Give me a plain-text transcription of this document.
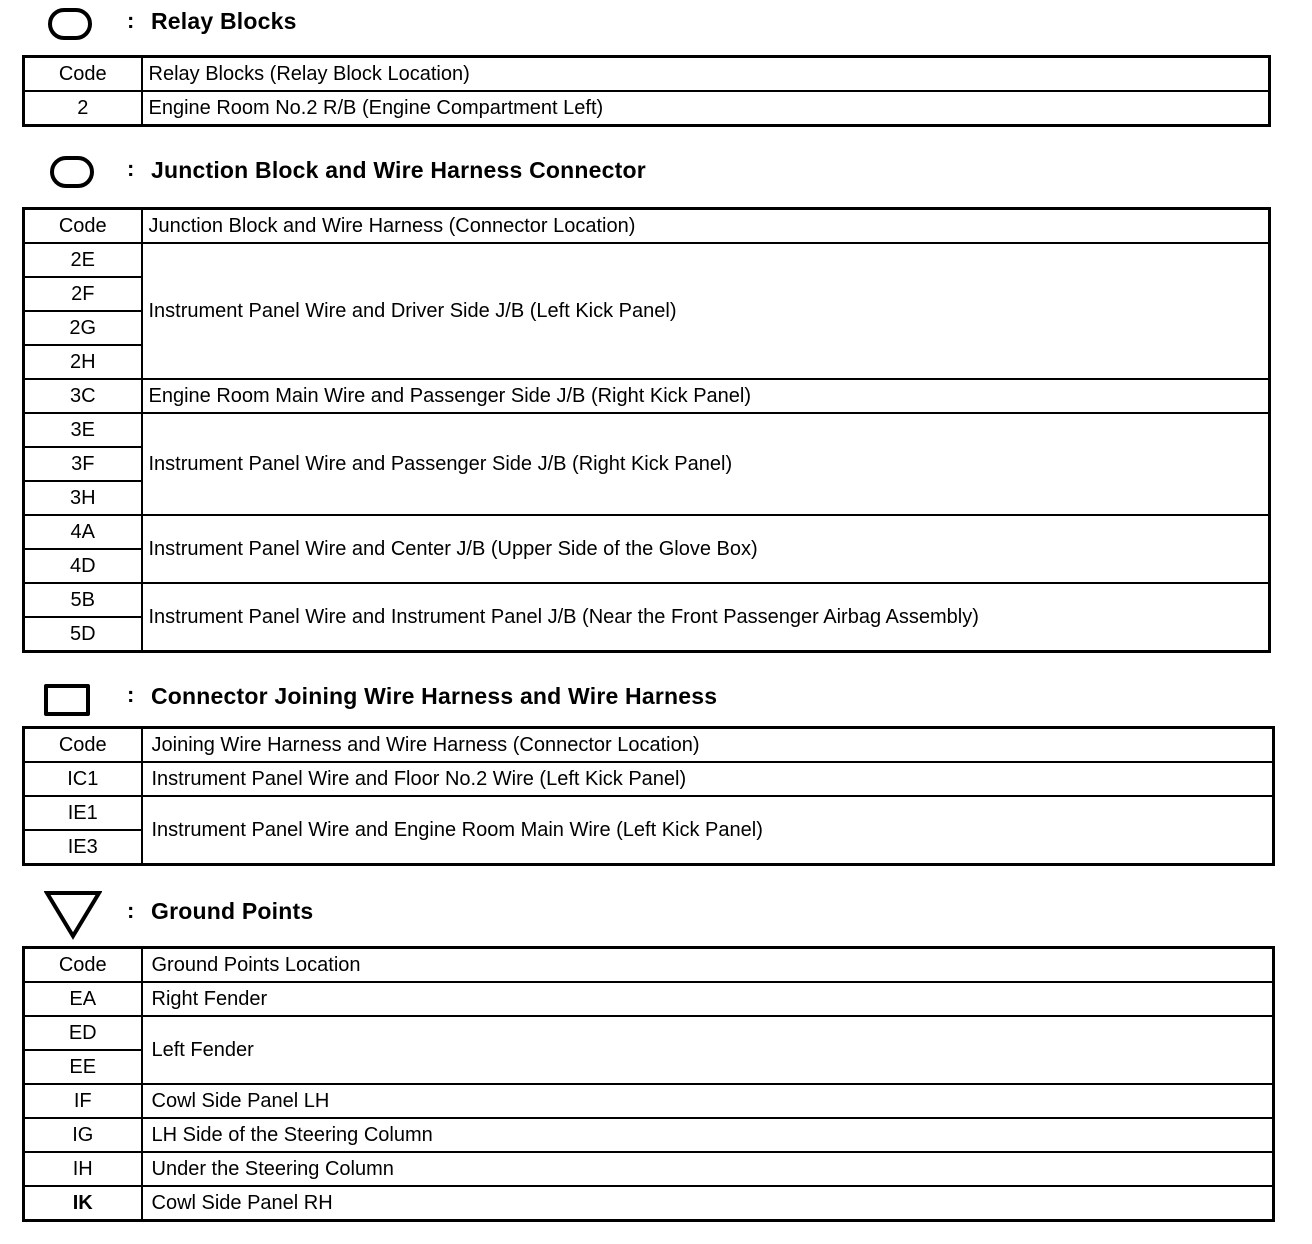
: Relay Blocks
Code	Relay Blocks (Relay Block Location)
2	Engine Room No.2 R/B (Engine Compartment Left)
: Junction Block and Wire Harness Connector
Code	Junction Block and Wire Harness (Connector Location)
2E	Instrument Panel Wire and Driver Side J/B (Left Kick Panel)
2F	
2G	
2H	
3C	Engine Room Main Wire and Passenger Side J/B (Right Kick Panel)
3E	Instrument Panel Wire and Passenger Side J/B (Right Kick Panel)
3F	
3H	
4A	Instrument Panel Wire and Center J/B (Upper Side of the Glove Box)
4D	
5B	Instrument Panel Wire and Instrument Panel J/B (Near the Front Passenger Airbag Assembly)
5D	
: Connector Joining Wire Harness and Wire Harness
Code	Joining Wire Harness and Wire Harness (Connector Location)
IC1	Instrument Panel Wire and Floor No.2 Wire (Left Kick Panel)
IE1	Instrument Panel Wire and Engine Room Main Wire (Left Kick Panel)
IE3	
: Ground Points
Code	Ground Points Location
EA	Right Fender
ED	Left Fender
EE	
IF	Cowl Side Panel LH
IG	LH Side of the Steering Column
IH	Under the Steering Column
IK	Cowl Side Panel RH
